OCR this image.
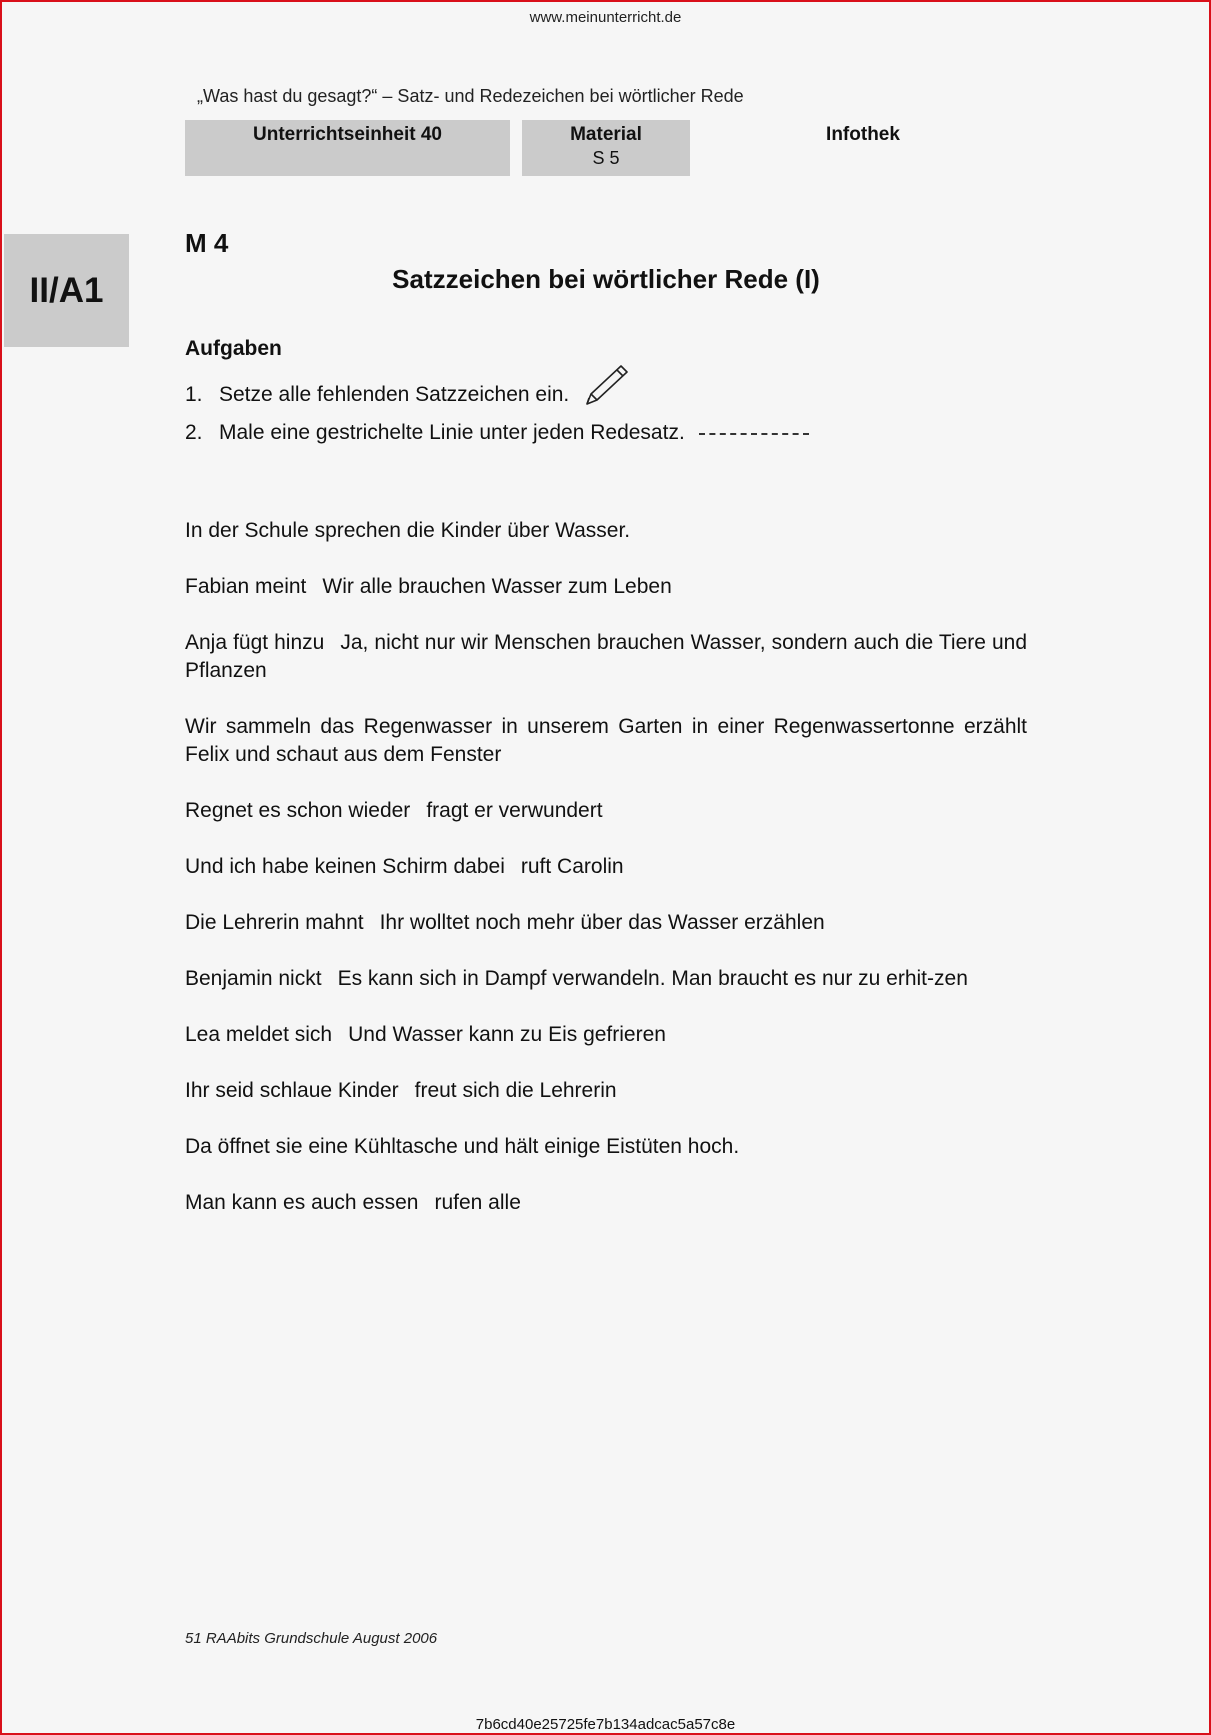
www.meinunterricht.de
„Was hast du gesagt?“ – Satz- und Redezeichen bei wörtlicher Rede
Unterrichtseinheit 40	Material
S 5
Infothek
II/A1
M 4
Satzzeichen bei wörtlicher Rede (I)
Aufgaben
1. Setze alle fehlenden Satzzeichen ein.
2. Male eine gestrichelte Linie unter jeden Redesatz.

In der Schule sprechen die Kinder über Wasser.

Fabian meint Wir alle brauchen Wasser zum Leben

Anja fügt hinzu Ja, nicht nur wir Menschen brauchen Wasser, sondern auch die Tiere und Pflanzen

Wir sammeln das Regenwasser in unserem Garten in einer Regenwassertonne erzählt Felix und schaut aus dem Fenster

Regnet es schon wieder fragt er verwundert

Und ich habe keinen Schirm dabei ruft Carolin

Die Lehrerin mahnt Ihr wolltet noch mehr über das Wasser erzählen

Benjamin nickt Es kann sich in Dampf verwandeln. Man braucht es nur zu erhit-zen

Lea meldet sich Und Wasser kann zu Eis gefrieren

Ihr seid schlaue Kinder freut sich die Lehrerin

Da öffnet sie eine Kühltasche und hält einige Eistüten hoch.

Man kann es auch essen rufen alle

51 RAAbits Grundschule August 2006
7b6cd40e25725fe7b134adcac5a57c8e
